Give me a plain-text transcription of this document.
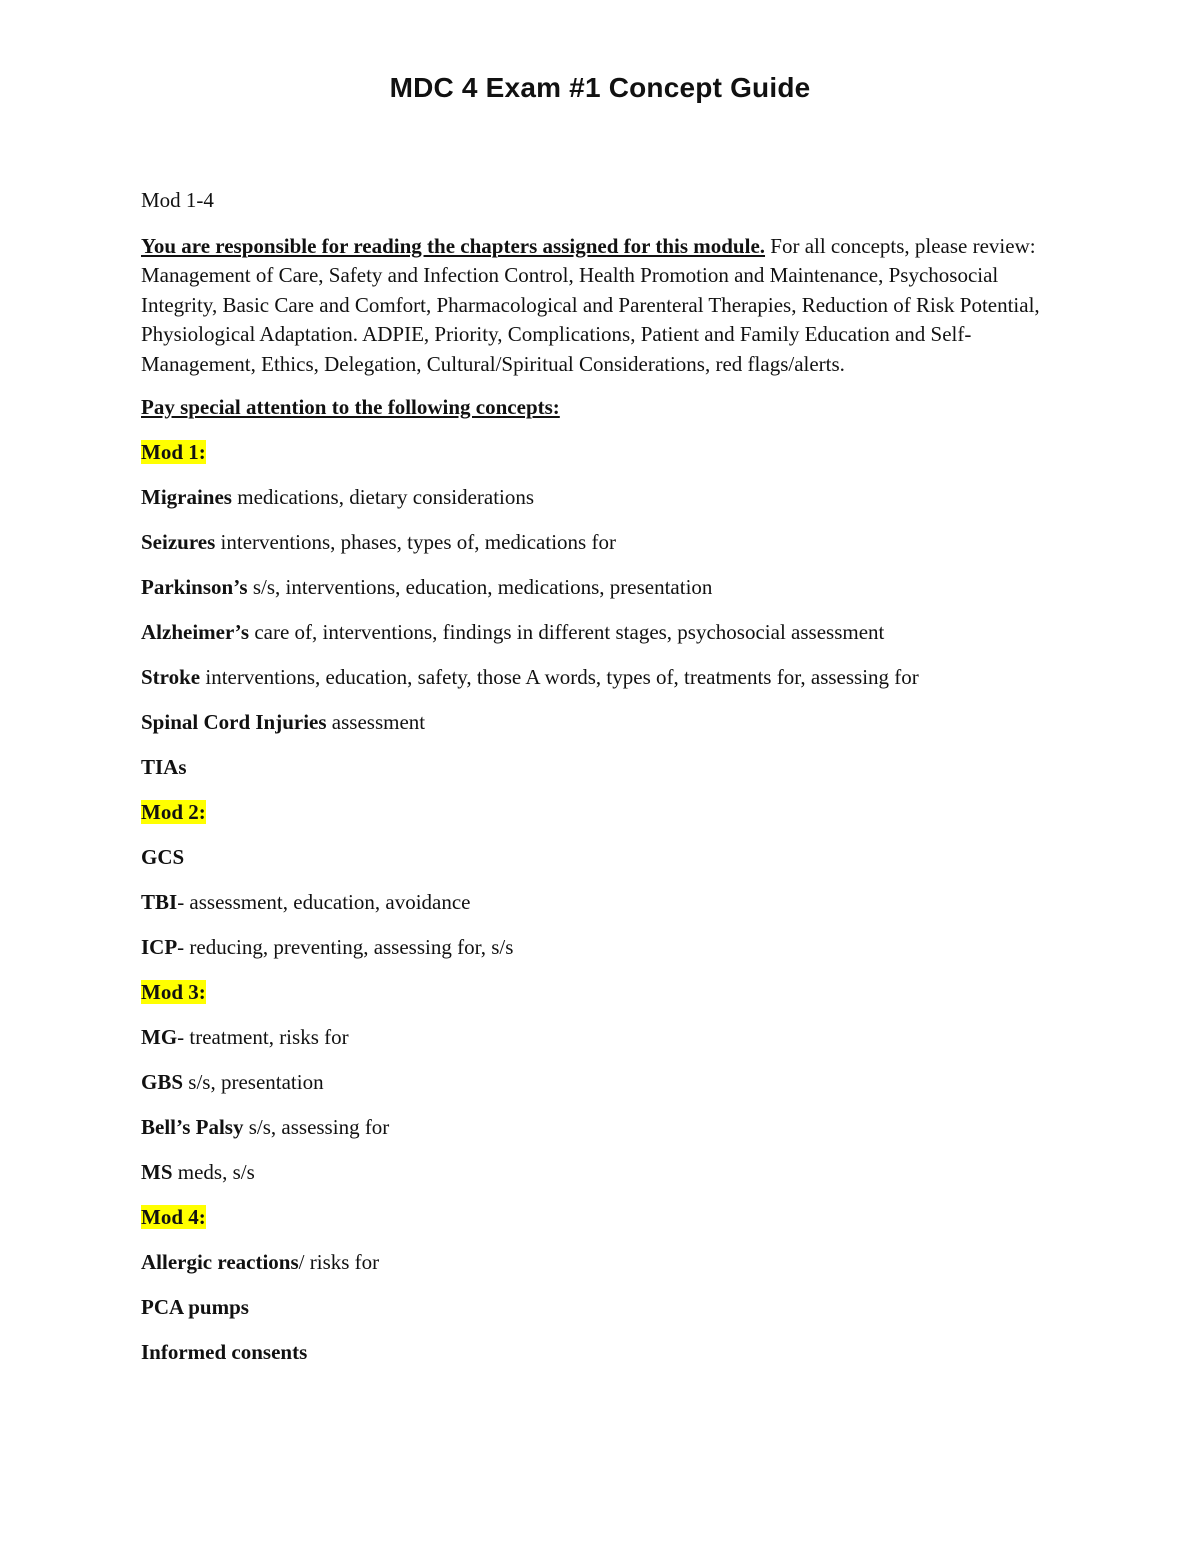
MDC 4 Exam #1 Concept Guide
Mod 1-4
You are responsible for reading the chapters assigned for this module. For all concepts, please review: Management of Care, Safety and Infection Control, Health Promotion and Maintenance, Psychosocial Integrity, Basic Care and Comfort, Pharmacological and Parenteral Therapies, Reduction of Risk Potential, Physiological Adaptation. ADPIE, Priority, Complications, Patient and Family Education and Self-Management, Ethics, Delegation, Cultural/Spiritual Considerations, red flags/alerts.
Pay special attention to the following concepts:
Mod 1:
Migraines medications, dietary considerations
Seizures interventions, phases, types of, medications for
Parkinson’s s/s, interventions, education, medications, presentation
Alzheimer’s care of, interventions, findings in different stages, psychosocial assessment
Stroke interventions, education, safety, those A words, types of, treatments for, assessing for
Spinal Cord Injuries assessment
TIAs
Mod 2:
GCS
TBI- assessment, education, avoidance
ICP- reducing, preventing, assessing for, s/s
Mod 3:
MG- treatment, risks for
GBS s/s, presentation
Bell’s Palsy s/s, assessing for
MS meds, s/s
Mod 4:
Allergic reactions/ risks for
PCA pumps
Informed consents
